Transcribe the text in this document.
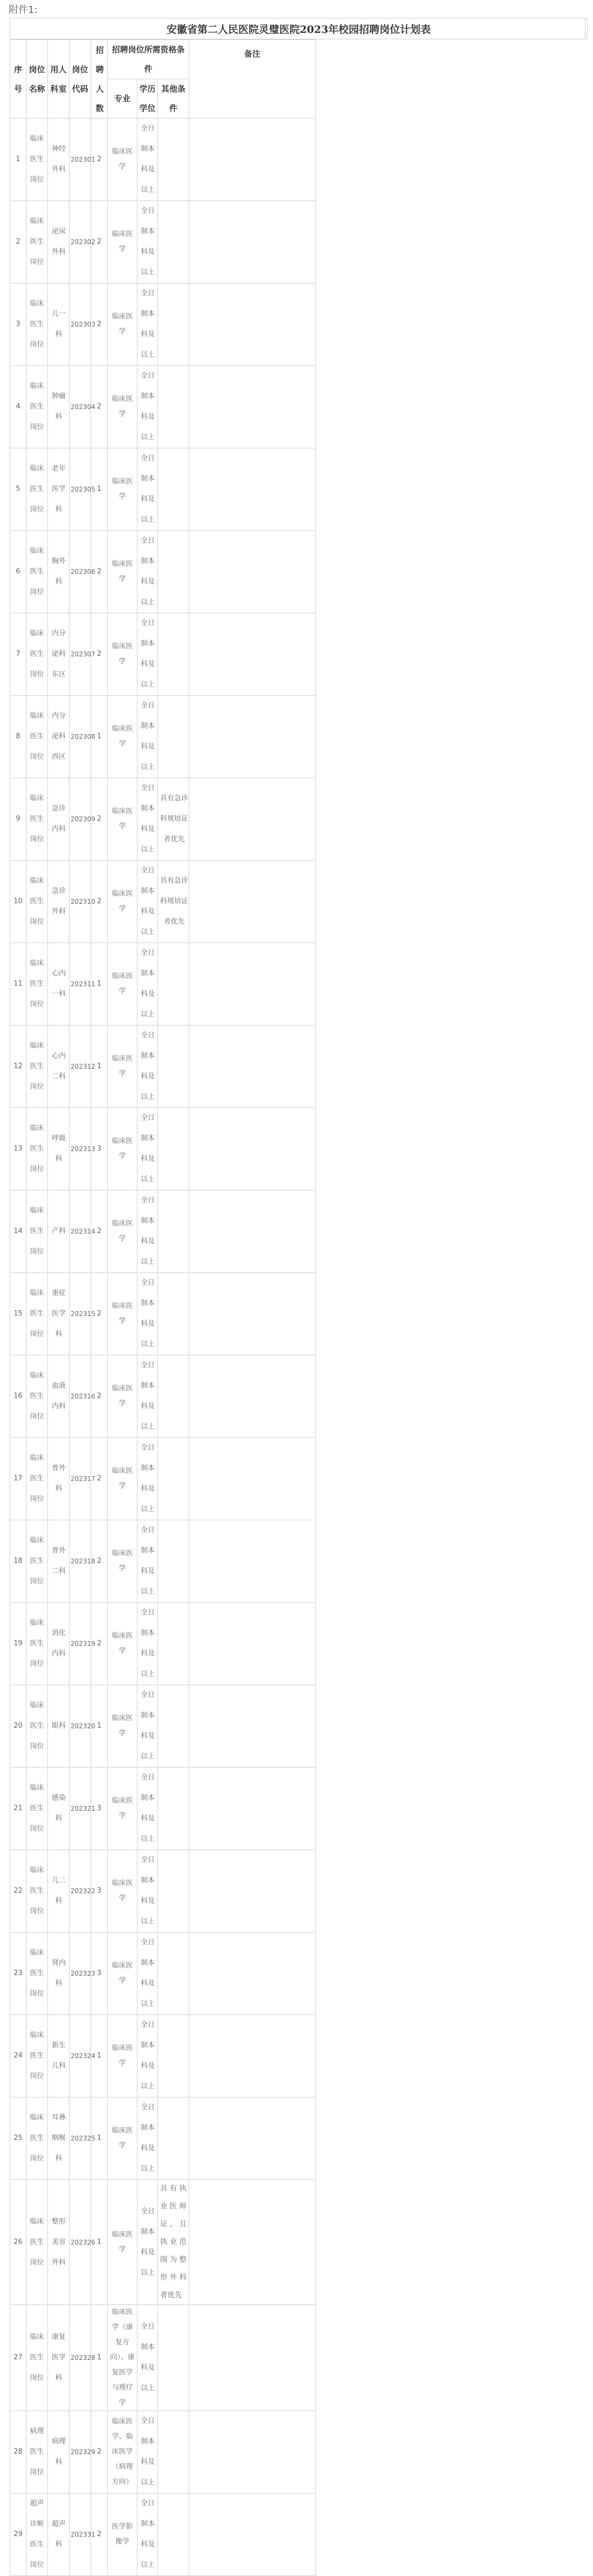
附件1:
安徽省第二人民医院灵璧医院2023年校园招聘岗位计划表
序号	岗位名称	用人科室	岗位代码	招聘人数	招聘岗位所需资格条件			备注
					专业	学历学位	其他条件	

1	临床医生岗位	神经外科	202301	2	临床医学	全日制本科及以上		

2	临床医生岗位	泌尿外科	202302	2	临床医学	全日制本科及以上		

3	临床医生岗位	儿一科	202303	2	临床医学	全日制本科及以上		

4	临床医生岗位	肿瘤科	202304	2	临床医学	全日制本科及以上		

5	临床医生岗位	老年医学科	202305	1	临床医学	全日制本科及以上		

6	临床医生岗位	胸外科	202306	2	临床医学	全日制本科及以上		

7	临床医生岗位	内分泌科东区	202307	2	临床医学	全日制本科及以上		

8	临床医生岗位	内分泌科西区	202308	1	临床医学	全日制本科及以上		

9	临床医生岗位	急诊内科	202309	2	临床医学	全日制本科及以上	具有急诊科规培证者优先	

10	临床医生岗位	急诊外科	202310	2	临床医学	全日制本科及以上	具有急诊科规培证者优先	

11	临床医生岗位	心内一科	202311	1	临床医学	全日制本科及以上		

12	临床医生岗位	心内二科	202312	1	临床医学	全日制本科及以上		

13	临床医生岗位	呼吸科	202313	3	临床医学	全日制本科及以上		

14	临床医生岗位	产科	202314	2	临床医学	全日制本科及以上		

15	临床医生岗位	重症医学科	202315	2	临床医学	全日制本科及以上		

16	临床医生岗位	血液内科	202316	2	临床医学	全日制本科及以上		

17	临床医生岗位	普外科	202317	2	临床医学	全日制本科及以上		

18	临床医生岗位	普外二科	202318	2	临床医学	全日制本科及以上		

19	临床医生岗位	消化内科	202319	2	临床医学	全日制本科及以上		

20	临床医生岗位	眼科	202320	1	临床医学	全日制本科及以上		

21	临床医生岗位	感染科	202321	3	临床医学	全日制本科及以上		

22	临床医生岗位	儿二科	202322	3	临床医学	全日制本科及以上		

23	临床医生岗位	肾内科	202323	3	临床医学	全日制本科及以上		

24	临床医生岗位	新生儿科	202324	1	临床医学	全日制本科及以上		

25	临床医生岗位	耳鼻咽喉科	202325	1	临床医学	全日制本科及以上		

26	临床医生岗位	整形美容外科	202326	1	临床医学	全日制本科及以上	具有执业医师证，且执业范围为整形外科者优先	

27	临床医生岗位	康复医学科	202328	1	临床医学（康复方向）、康复医学与理疗学	全日制本科及以上		

28	病理医生岗位	病理科	202329	2	临床医学、临床医学（病理方向）	全日制本科及以上		

29	超声诊断医生岗位	超声科	202331	2	医学影像学	全日制本科及以上		
